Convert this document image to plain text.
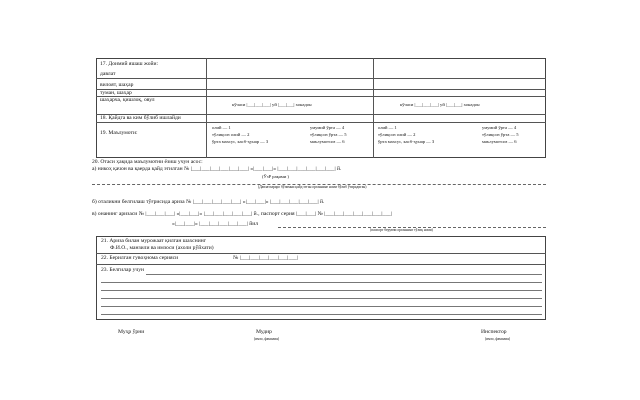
17. Доимий яшаш жойи:
давлат
вилоят, шаҳар
туман, шаҳар
шаҳарча, қишлоқ, овул
кўчаси |___|___|___| уй |___|___| хонадон	кўчаси |___|___|___| уй |___|___| хонадон
18. Қайдга ва ким бўлиб ишлайди
19. Маълумоти:
олий — 1
тўлиқсиз олий — 2
ўрта махсус, касб-ҳунар — 3
умумий ўрта — 4
тўлиқсиз ўрта — 5
маълумотсиз — 6
олий — 1
тўлиқсиз олий — 2
ўрта махсус, касб-ҳунар — 3
умумий ўрта — 4
тўлиқсиз ўрта — 5
маълумотсиз — 6
20. Отаси ҳақида маълумотни ёзиш учун асос:
а) никоҳ қачон ва қаерда қайд этилган № |___|___|___|___|___|___| «|___|___|» |___|___|___|___|___|___| й.
(ЎзР рақами )
(Давлатлараро бўлимни қайд этган органнинг номи бўлиб ўтирадиган)
б) оталикни белгилаш тўғрисида ариза № |___|___|___|___|___| «|___|___|» |___|___|___|___|___| й.
в) онанинг аризаси № |___|___|___| «|___|___|» |___|___|___|___|___| й., паспорт серия |___|___| № |___|___|___|___|___|___|___|
«|___|___|» |___|___|___|___|___| йил
(паспорт берувчи органнинг тўлиқ номи)
21. Ариза билан мурожаат қилган шахснинг
Ф.И.О., манзили ва имзоси (ахоли рўйхати)
22. Берилган гувоҳнома серияси	№ |___|___|___|___|___|___|
23. Белгилар учун
Муҳр ўрни	Мудир
(имзо, фамилия)
Инспектор
(имзо, фамилия)
